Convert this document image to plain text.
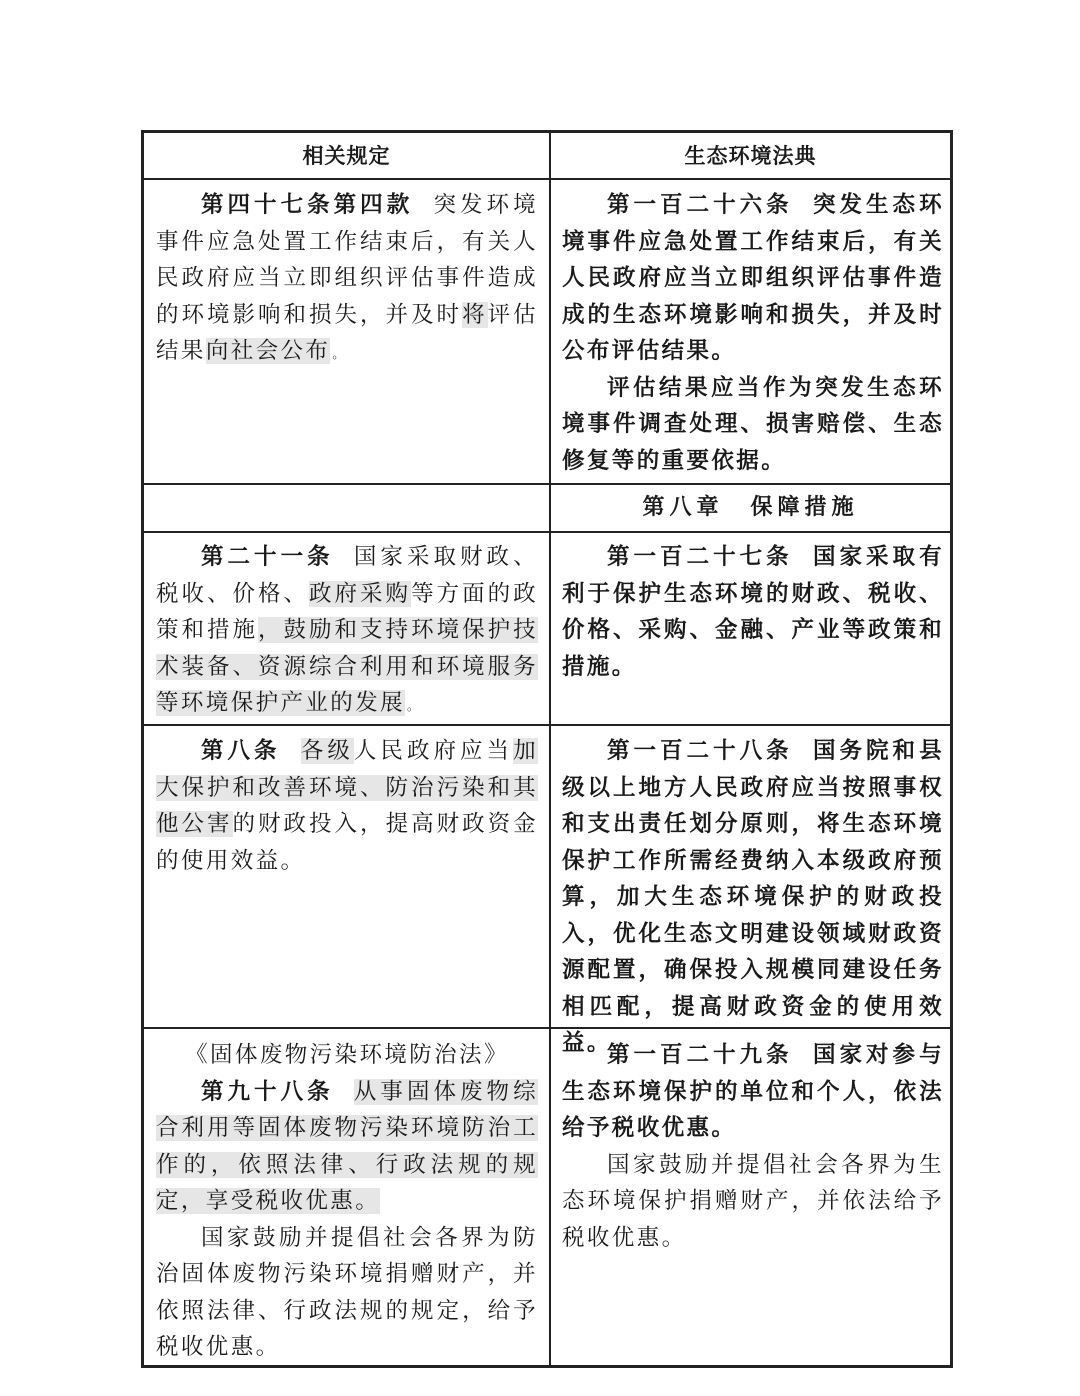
相关规定	生态环境法典

第四十七条第四款 突发环境事件应急处置工作结束后，有关人民政府应当立即组织评估事件造成的环境影响和损失，并及时将评估结果向社会公布 。

第一百二十六条 突发生态环境事件应急处置工作结束后，有关人民政府应当立即组织评估事件造成的生态环境影响和损失，并及时公布评估结果。

评估结果应当作为突发生态环境事件调查处理、损害赔偿、生态修复等的重要依据。

第八章　保障措施

第二十一条 国家采取财政、税收、价格、政府采购等方面的政策和措施，鼓励和支持环境保护技术装备、资源综合利用和环境服务等环境保护产业的发展 。

第一百二十七条 国家采取有利于保护生态环境的财政、税收、价格、采购、金融、产业等政策和措施。

第八条 各级人民政府应当加大保护和改善环境、防治污染和其他公害的财政投入，提高财政资金的使用效益。

第一百二十八条 国务院和县级以上地方人民政府应当按照事权和支出责任划分原则，将生态环境保护工作所需经费纳入本级政府预算，加大生态环境保护的财政投入，优化生态文明建设领域财政资源配置，确保投入规模同建设任务相匹配，提高财政资金的使用效益。

《固体废物污染环境防治法》

第九十八条 从事固体废物综合利用等固体废物污染环境防治工作的，依照法律、行政法规的规定，享受税收优惠。

国家鼓励并提倡社会各界为防治固体废物污染环境捐赠财产，并依照法律、行政法规的规定，给予税收优惠。

第一百二十九条 国家对参与生态环境保护的单位和个人，依法给予税收优惠。

国家鼓励并提倡社会各界为生态环境保护捐赠财产，并依法给予税收优惠。
